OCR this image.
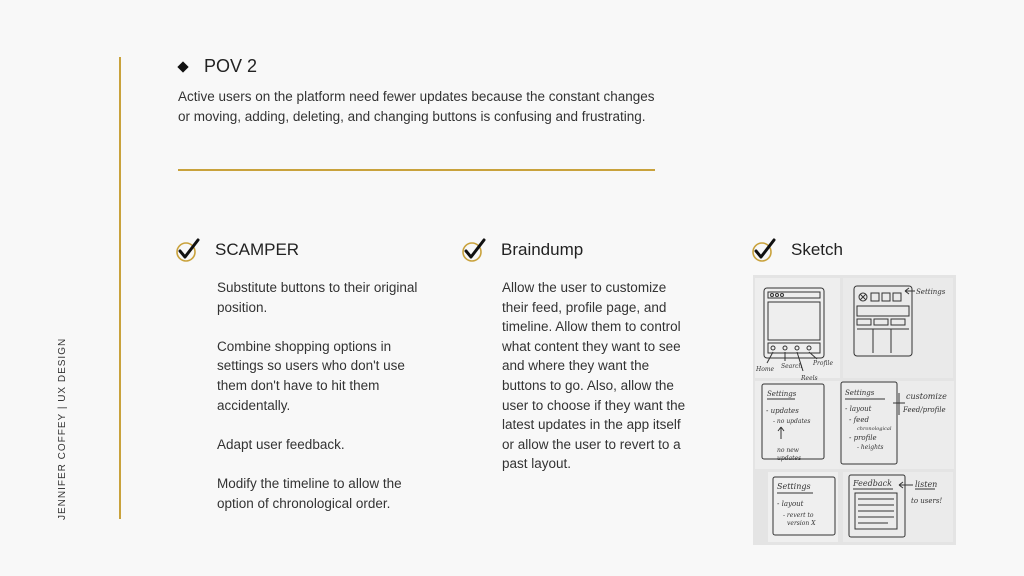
JENNIFER COFFEY | UX DESIGN
POV 2
Active users on the platform need fewer updates because the constant changes or moving, adding, deleting, and changing buttons is confusing and frustrating.
SCAMPER

Substitute buttons to their original position.

Combine shopping options in settings so users who don't use them don't have to hit them accidentally.

Adapt user feedback.

Modify the timeline to allow the option of chronological order.

Braindump
Allow the user to customize their feed, profile page, and timeline. Allow them to control what content they want to see and where they want the buttons to go. Also, allow the user to choose if they want the latest updates in the app itself or allow the user to revert to a past layout.
Sketch
Home Search Profile
Reels
Settings
Settings
- updates
- no updates
no new
updates
Settings
- layout
- feed
chronological
- profile
- heights
customize
Feed/profile
Settings
- layout
- revert to
version X
Feedback	listen
to users!
